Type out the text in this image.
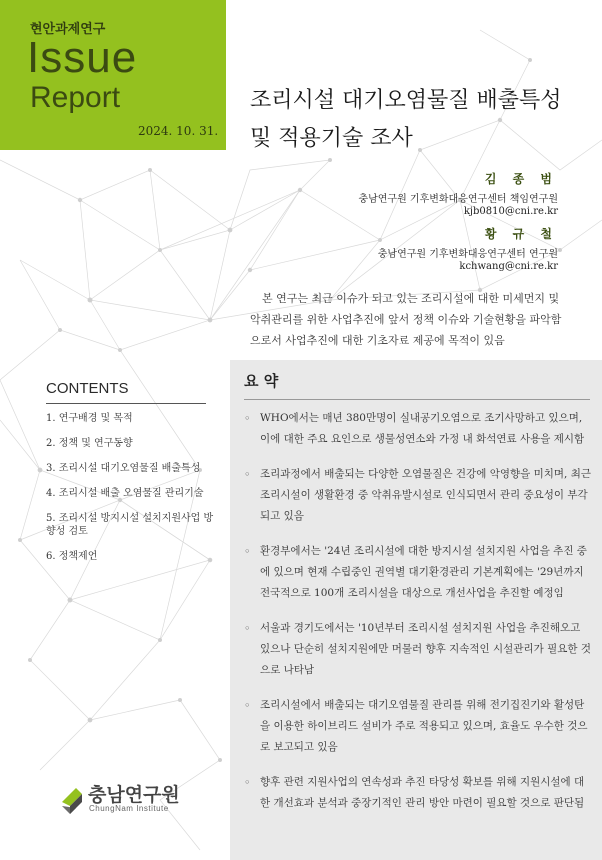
현안과제연구
Issue
Report
2024. 10. 31.
조리시설 대기오염물질 배출특성 및 적용기술 조사
김 종 범
충남연구원 기후변화대응연구센터 책임연구원
kjb0810@cni.re.kr
황 규 철
충남연구원 기후변화대응연구센터 연구원
kchwang@cni.re.kr
본 연구는 최근 이슈가 되고 있는 조리시설에 대한 미세먼지 및 악취관리를 위한 사업추진에 앞서 정책 이슈와 기술현황을 파악함으로서 사업추진에 대한 기초자료 제공에 목적이 있음
CONTENTS
1. 연구배경 및 목적
2. 정책 및 연구동향
3. 조리시설 대기오염물질 배출특성
4. 조리시설 배출 오염물질 관리기술
5. 조리시설 방지시설 설치지원사업 방향성 검토
6. 정책제언
요 약
◦ WHO에서는 매년 380만명이 실내공기오염으로 조기사망하고 있으며, 이에 대한 주요 요인으로 생물성연소와 가정 내 화석연료 사용을 제시함
◦ 조리과정에서 배출되는 다양한 오염물질은 건강에 악영향을 미치며, 최근 조리시설이 생활환경 중 악취유발시설로 인식되면서 관리 중요성이 부각되고 있음
◦ 환경부에서는 '24년 조리시설에 대한 방지시설 설치지원 사업을 추진 중에 있으며 현재 수립중인 권역별 대기환경관리 기본계획에는 '29년까지 전국적으로 100개 조리시설을 대상으로 개선사업을 추진할 예정임
◦ 서울과 경기도에서는 '10년부터 조리시설 설치지원 사업을 추진해오고 있으나 단순히 설치지원에만 머물러 향후 지속적인 시설관리가 필요한 것으로 나타남
◦ 조리시설에서 배출되는 대기오염물질 관리를 위해 전기집진기와 활성탄을 이용한 하이브리드 설비가 주로 적용되고 있으며, 효율도 우수한 것으로 보고되고 있음
◦ 향후 관련 지원사업의 연속성과 추진 타당성 확보를 위해 지원시설에 대한 개선효과 분석과 중장기적인 관리 방안 마련이 필요할 것으로 판단됨
충남연구원
ChungNam Institute
